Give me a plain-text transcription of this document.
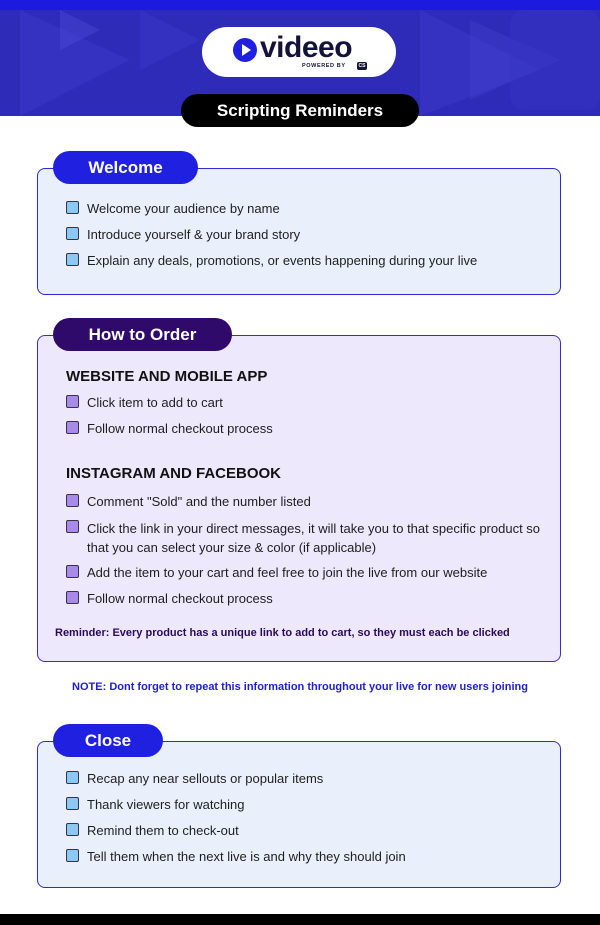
videeo
POWERED BY	CS
Scripting Reminders
Welcome
Welcome your audience by name
Introduce yourself & your brand story
Explain any deals, promotions, or events happening during your live
How to Order
WEBSITE AND MOBILE APP
Click item to add to cart
Follow normal checkout process
INSTAGRAM AND FACEBOOK
Comment "Sold" and the number listed
Click the link in your direct messages, it will take you to that specific product so that you can select your size & color (if applicable)
Add the item to your cart and feel free to join the live from our website
Follow normal checkout process
Reminder: Every product has a unique link to add to cart, so they must each be clicked
NOTE: Dont forget to repeat this information throughout your live for new users joining
Close
Recap any near sellouts or popular items
Thank viewers for watching
Remind them to check-out
Tell them when the next live is and why they should join
